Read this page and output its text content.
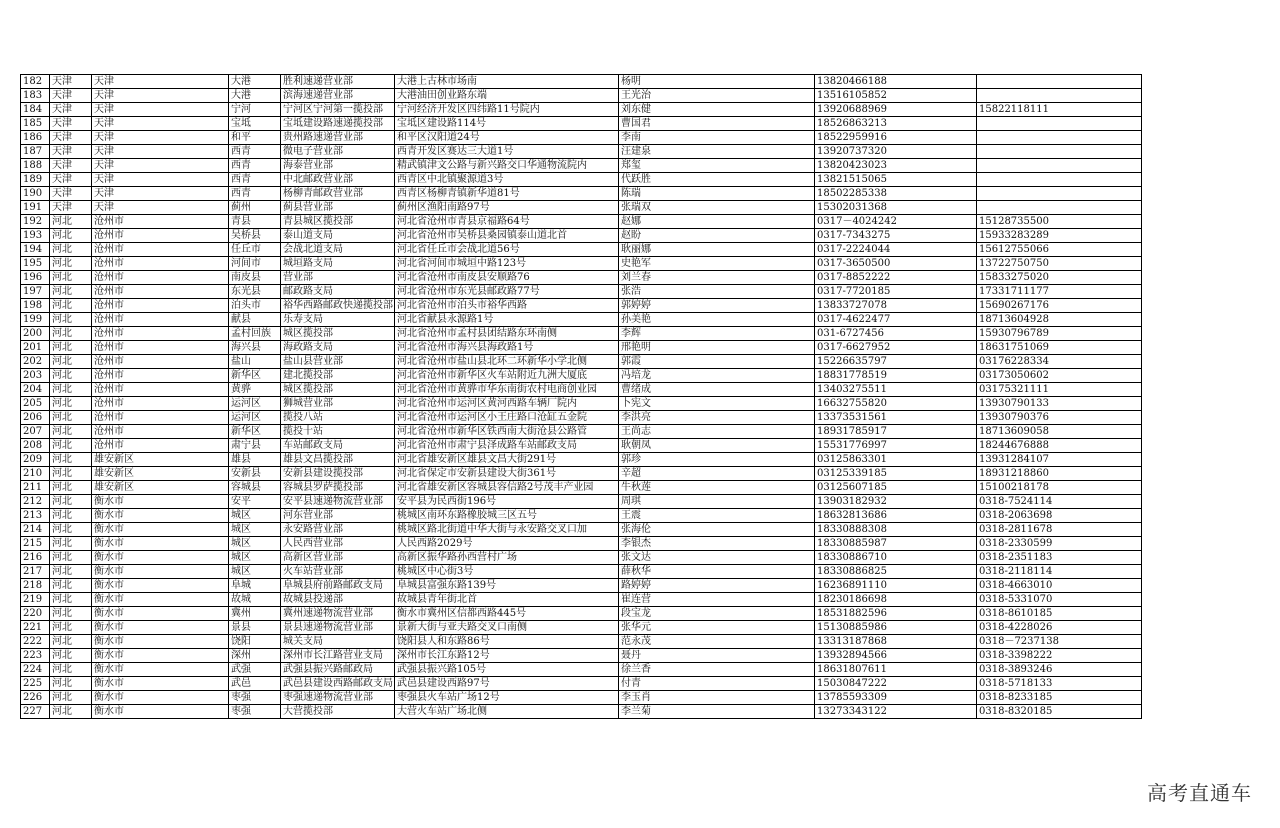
182	天津	天津	大港	胜利速递营业部	大港上古林市场南	杨明	13820466188	
183	天津	天津	大港	滨海速递营业部	大港油田创业路东端	王光治	13516105852	
184	天津	天津	宁河	宁河区宁河第一揽投部	宁河经济开发区四纬路11号院内	刘东健	13920688969	15822118111
185	天津	天津	宝坻	宝坻建设路速递揽投部	宝坻区建设路114号	曹国君	18526863213	
186	天津	天津	和平	贵州路速递营业部	和平区汉阳道24号	李南	18522959916	
187	天津	天津	西青	微电子营业部	西青开发区赛达三大道1号	汪建泉	13920737320	
188	天津	天津	西青	海泰营业部	精武镇津文公路与新兴路交口华通物流院内	郑玺	13820423023	
189	天津	天津	西青	中北邮政营业部	西青区中北镇聚源道3号	代跃胜	13821515065	
190	天津	天津	西青	杨柳青邮政营业部	西青区杨柳青镇新华道81号	陈瑞	18502285338	
191	天津	天津	蓟州	蓟县营业部	蓟州区渔阳南路97号	张瑞双	15302031368	
192	河北	沧州市	青县	青县城区揽投部	河北省沧州市青县京福路64号	赵娜	0317－4024242	15128735500
193	河北	沧州市	吴桥县	泰山道支局	河北省沧州市吴桥县桑园镇泰山道北首	赵盼	0317-7343275	15933283289
194	河北	沧州市	任丘市	会战北道支局	河北省任丘市会战北道56号	耿丽娜	0317-2224044	15612755066
195	河北	沧州市	河间市	城垣路支局	河北省河间市城垣中路123号	史艳军	0317-3650500	13722750750
196	河北	沧州市	南皮县	营业部	河北省沧州市南皮县安顺路76	刘兰春	0317-8852222	15833275020
197	河北	沧州市	东光县	邮政路支局	河北省沧州市东光县邮政路77号	张浩	0317-7720185	17331711177
198	河北	沧州市	泊头市	裕华西路邮政快递揽投部	河北省沧州市泊头市裕华西路	郭婷婷	13833727078	15690267176
199	河北	沧州市	献县	乐寿支局	河北省献县永源路1号	孙美艳	0317-4622477	18713604928
200	河北	沧州市	孟村回族	城区揽投部	河北省沧州市孟村县团结路东环南侧	李辉	031-6727456	15930796789
201	河北	沧州市	海兴县	海政路支局	河北省沧州市海兴县海政路1号	邢艳明	0317-6627952	18631751069
202	河北	沧州市	盐山	盐山县营业部	河北省沧州市盐山县北环二环新华小学北侧	郭霞	15226635797	03176228334
203	河北	沧州市	新华区	建北揽投部	河北省沧州市新华区火车站附近九洲大厦底	冯培龙	18831778519	03173050602
204	河北	沧州市	黄骅	城区揽投部	河北省沧州市黄骅市华东南街农村电商创业园	曹绪成	13403275511	03175321111
205	河北	沧州市	运河区	狮城营业部	河北省沧州市运河区黄河西路车辆厂院内	卜宪文	16632755820	13930790133
206	河北	沧州市	运河区	揽投八站	河北省沧州市运河区小王庄路口沧缸五金院	李洪亮	13373531561	13930790376
207	河北	沧州市	新华区	揽投十站	河北省沧州市新华区铁西南大街沧县公路管	王尚志	18931785917	18713609058
208	河北	沧州市	肃宁县	车站邮政支局	河北省沧州市肃宁县泽成路车站邮政支局	耿朝凤	15531776997	18244676888
209	河北	雄安新区	雄县	雄县文昌揽投部	河北省雄安新区雄县文昌大街291号	郭珍	03125863301	13931284107
210	河北	雄安新区	安新县	安新县建设揽投部	河北省保定市安新县建设大街361号	辛超	03125339185	18931218860
211	河北	雄安新区	容城县	容城县罗萨揽投部	河北省雄安新区容城县容信路2号茂丰产业园	牛秋莲	03125607185	15100218178
212	河北	衡水市	安平	安平县速递物流营业部	安平县为民西街196号	周琪	13903182932	0318-7524114
213	河北	衡水市	城区	河东营业部	桃城区南环东路橡胶城三区五号	王震	18632813686	0318-2063698
214	河北	衡水市	城区	永安路营业部	桃城区路北街道中华大街与永安路交叉口加	张海伦	18330888308	0318-2811678
215	河北	衡水市	城区	人民西营业部	人民西路2029号	李银杰	18330885987	0318-2330599
216	河北	衡水市	城区	高新区营业部	高新区振华路孙西营村广场	张文达	18330886710	0318-2351183
217	河北	衡水市	城区	火车站营业部	桃城区中心街3号	薛秋华	18330886825	0318-2118114
218	河北	衡水市	阜城	阜城县府前路邮政支局	阜城县富强东路139号	路婷婷	16236891110	0318-4663010
219	河北	衡水市	故城	故城县投递部	故城县青年街北首	崔连营	18230186698	0318-5331070
220	河北	衡水市	冀州	冀州速递物流营业部	衡水市冀州区信都西路445号	段宝龙	18531882596	0318-8610185
221	河北	衡水市	景县	景县速递物流营业部	景新大街与亚夫路交叉口南侧	张华元	15130885986	0318-4228026
222	河北	衡水市	饶阳	城关支局	饶阳县人和东路86号	范永茂	13313187868	0318－7237138
223	河北	衡水市	深州	深州市长江路营业支局	深州市长江东路12号	聂丹	13932894566	0318-3398222
224	河北	衡水市	武强	武强县振兴路邮政局	武强县振兴路105号	徐兰香	18631807611	0318-3893246
225	河北	衡水市	武邑	武邑县建设西路邮政支局	武邑县建设西路97号	付青	15030847222	0318-5718133
226	河北	衡水市	枣强	枣强速递物流营业部	枣强县火车站广场12号	李玉肖	13785593309	0318-8233185
227	河北	衡水市	枣强	大营揽投部	大营火车站广场北侧	李兰菊	13273343122	0318-8320185
高考直通车
